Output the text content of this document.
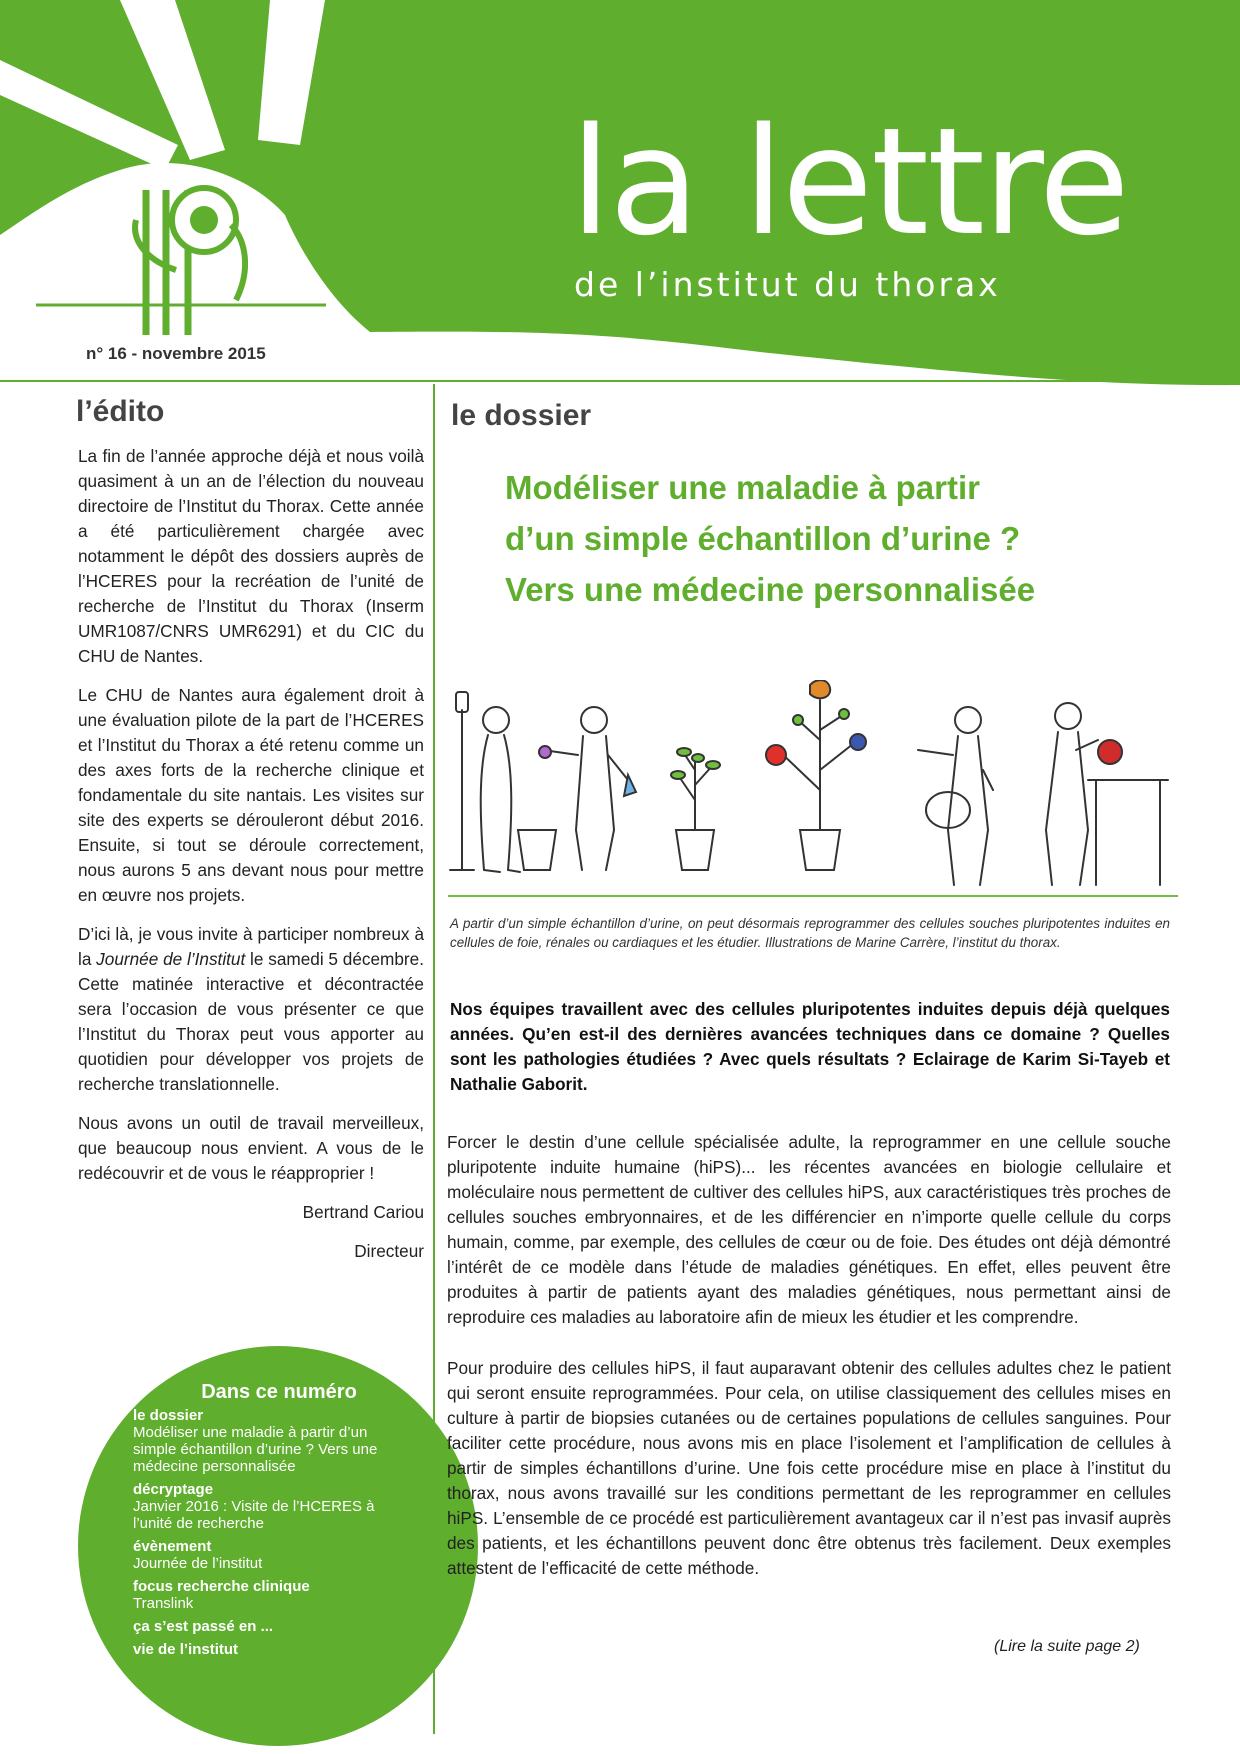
la lettre
de l’institut du thorax
n° 16 - novembre 2015
l’édito

La fin de l’année approche déjà et nous voilà quasiment à un an de l’élection du nouveau directoire de l’Institut du Thorax. Cette année a été particulièrement chargée avec notamment le dépôt des dossiers auprès de l’HCERES pour la recréation de l’unité de recherche de l’Institut du Thorax (Inserm UMR1087/CNRS UMR6291) et du CIC du CHU de Nantes.

Le CHU de Nantes aura également droit à une évaluation pilote de la part de l’HCERES et l’Institut du Thorax a été retenu comme un des axes forts de la recherche clinique et fondamentale du site nantais. Les visites sur site des experts se dérouleront début 2016. Ensuite, si tout se déroule correctement, nous aurons 5 ans devant nous pour mettre en œuvre nos projets.

D’ici là, je vous invite à participer nombreux à la Journée de l’Institut le samedi 5 décembre. Cette matinée interactive et décontractée sera l’occasion de vous présenter ce que l’Institut du Thorax peut vous apporter au quotidien pour développer vos projets de recherche translationnelle.

Nous avons un outil de travail merveilleux, que beaucoup nous envient. A vous de le redécouvrir et de vous le réapproprier !

Bertrand Cariou

Directeur

Dans ce numéro
le dossier
Modéliser une maladie à partir d’un simple échantillon d’urine ? Vers une médecine personnalisée
décryptage
Janvier 2016 : Visite de l’HCERES à l’unité de recherche
évènement
Journée de l’institut
focus recherche clinique
Translink
ça s’est passé en ...
vie de l’institut
le dossier
Modéliser une maladie à partir
d’un simple échantillon d’urine ?
Vers une médecine personnalisée
A partir d’un simple échantillon d’urine, on peut désormais reprogrammer des cellules souches pluripotentes induites en cellules de foie, rénales ou cardiaques et les étudier. Illustrations de Marine Carrère, l’institut du thorax.
Nos équipes travaillent avec des cellules pluripotentes induites depuis déjà quelques années. Qu’en est-il des dernières avancées techniques dans ce domaine ? Quelles sont les pathologies étudiées ? Avec quels résultats ? Eclairage de Karim Si-Tayeb et Nathalie Gaborit.

Forcer le destin d’une cellule spécialisée adulte, la reprogrammer en une cellule souche pluripotente induite humaine (hiPS)... les récentes avancées en biologie cellulaire et moléculaire nous permettent de cultiver des cellules hiPS, aux caractéristiques très proches de cellules souches embryonnaires, et de les différencier en n’importe quelle cellule du corps humain, comme, par exemple, des cellules de cœur ou de foie. Des études ont déjà démontré l’intérêt de ce modèle dans l’étude de maladies génétiques. En effet, elles peuvent être produites à partir de patients ayant des maladies génétiques, nous permettant ainsi de reproduire ces maladies au laboratoire afin de mieux les étudier et les comprendre.

Pour produire des cellules hiPS, il faut auparavant obtenir des cellules adultes chez le patient qui seront ensuite reprogrammées. Pour cela, on utilise classiquement des cellules mises en culture à partir de biopsies cutanées ou de certaines populations de cellules sanguines. Pour faciliter cette procédure, nous avons mis en place l’isolement et l’amplification de cellules à partir de simples échantillons d’urine. Une fois cette procédure mise en place à l’institut du thorax, nous avons travaillé sur les conditions permettant de les reprogrammer en cellules hiPS. L’ensemble de ce procédé est particulièrement avantageux car il n’est pas invasif auprès des patients, et les échantillons peuvent donc être obtenus très facilement. Deux exemples attestent de l’efficacité de cette méthode.

(Lire la suite page 2)
